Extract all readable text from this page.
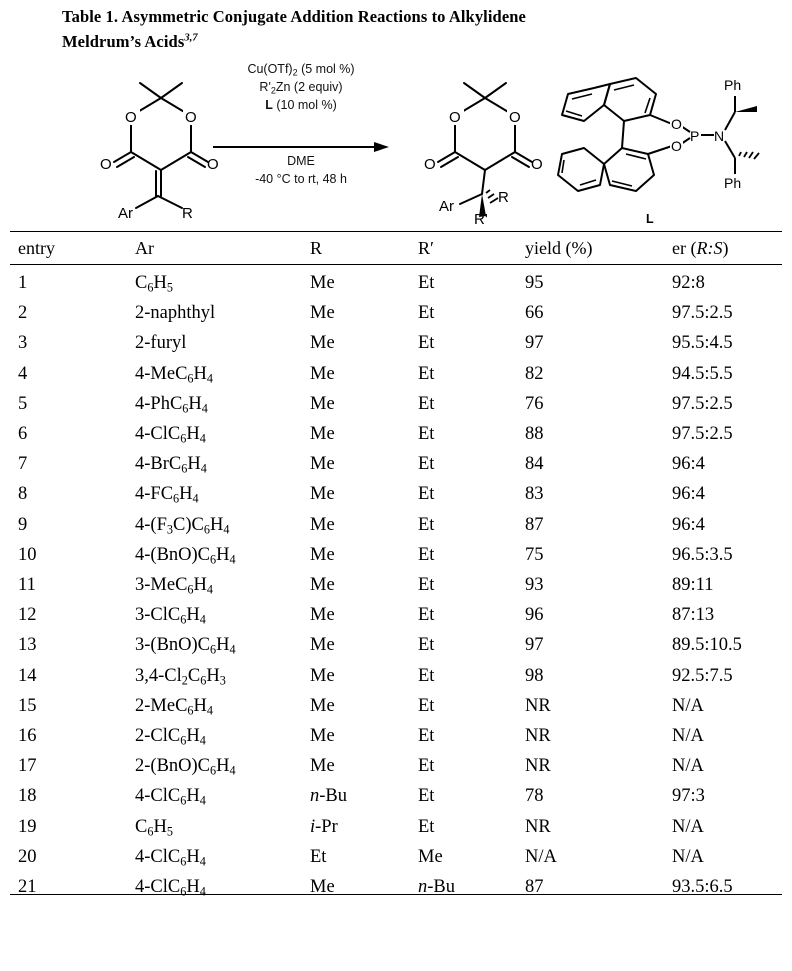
Table 1. Asymmetric Conjugate Addition Reactions to Alkylidene
Meldrum’s Acids$^{3,7}$
O	O
O	O
Ar	R
$Cu(OTf)_2$ (5 mol %)
$R'_2Zn$ (2 equiv)
L (10 mol %)
DME
-40 °C to rt, 48 h
O	O
O	O
Ar
R
R'
O
O
P N
Ph
Ph
L
entry	Ar	R	R′	yield (%)	er (R:S)
1	$C_6H_5$	Me	Et	95	92:8
2	2-naphthyl	Me	Et	66	97.5:2.5
3	2-furyl	Me	Et	97	95.5:4.5
4	$4-MeC_6H_4$	Me	Et	82	94.5:5.5
5	$4-PhC_6H_4$	Me	Et	76	97.5:2.5
6	$4-ClC_6H_4$	Me	Et	88	97.5:2.5
7	$4-BrC_6H_4$	Me	Et	84	96:4
8	$4-FC_6H_4$	Me	Et	83	96:4
9	$4-(F_3C)C_6H_4$	Me	Et	87	96:4
10	$4-(BnO)C_6H_4$	Me	Et	75	96.5:3.5
11	$3-MeC_6H_4$	Me	Et	93	89:11
12	$3-ClC_6H_4$	Me	Et	96	87:13
13	$3-(BnO)C_6H_4$	Me	Et	97	89.5:10.5
14	$3,4-Cl_2C_6H_3$	Me	Et	98	92.5:7.5
15	$2-MeC_6H_4$	Me	Et	NR	N/A
16	$2-ClC_6H_4$	Me	Et	NR	N/A
17	$2-(BnO)C_6H_4$	Me	Et	NR	N/A
18	$4-ClC_6H_4$	n-Bu	Et	78	97:3
19	$C_6H_5$	i-Pr	Et	NR	N/A
20	$4-ClC_6H_4$	Et	Me	N/A	N/A
21	$4-ClC_6H_4$	Me	n-Bu	87	93.5:6.5
